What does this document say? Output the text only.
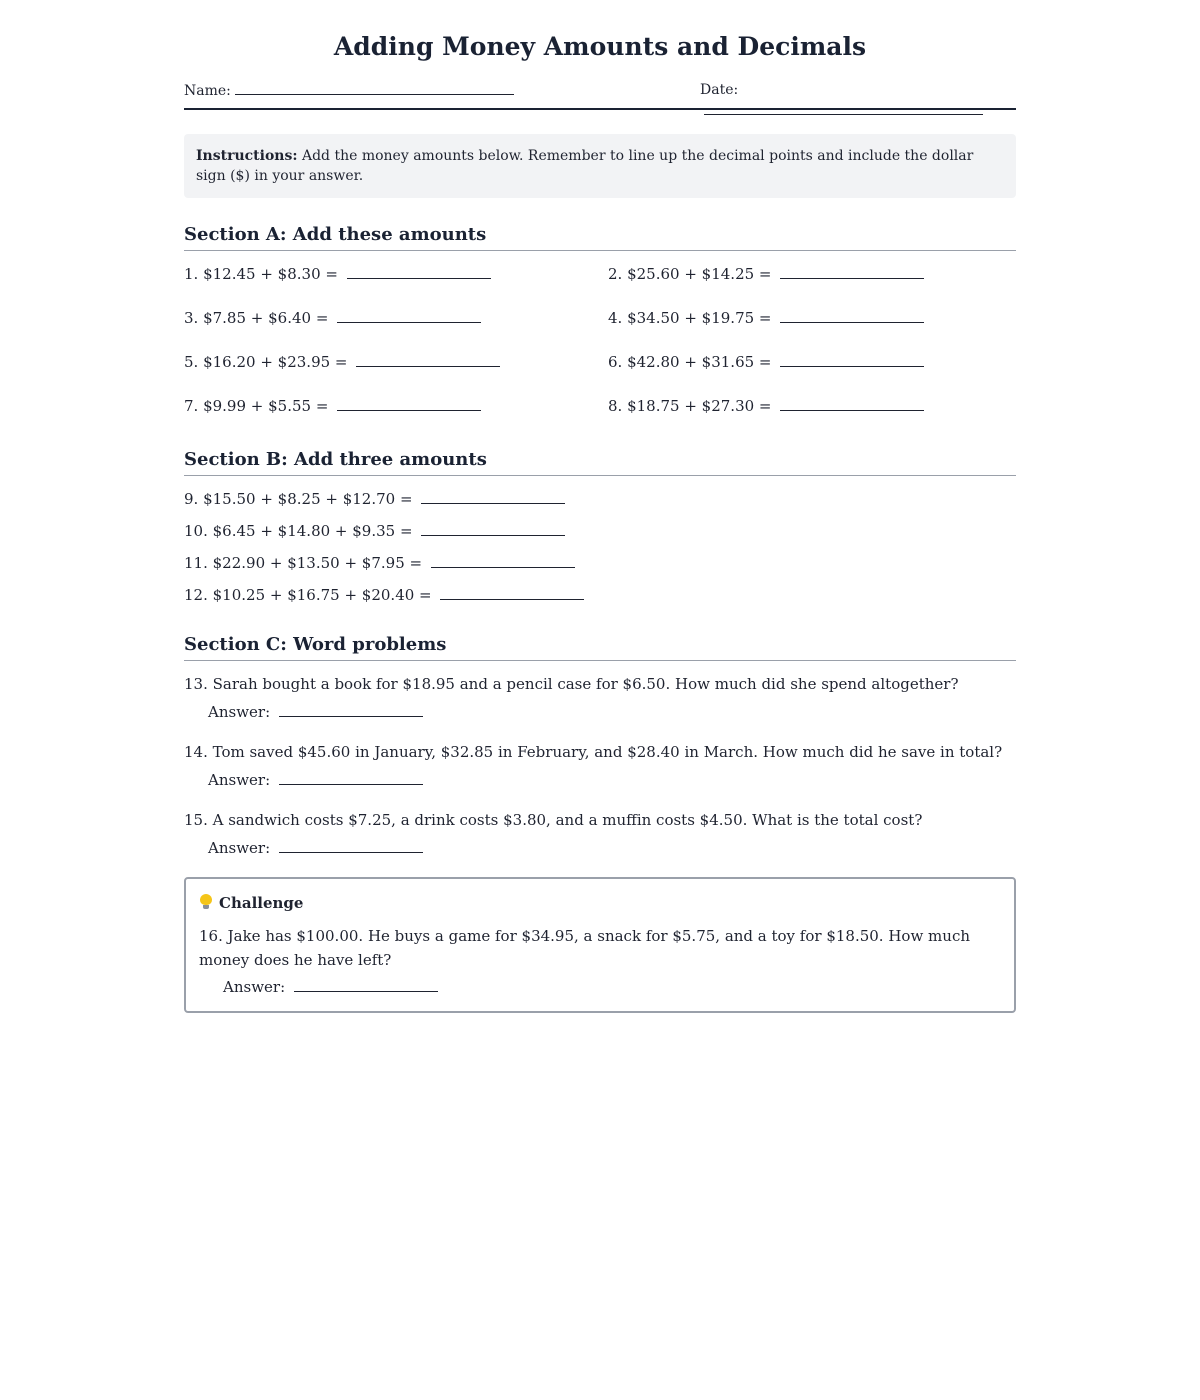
Adding Money Amounts and Decimals
Name:	Date:
Instructions: Add the money amounts below. Remember to line up the decimal points and include the dollar sign ($) in your answer.
Section A: Add these amounts
1. $12.45 + $8.30 =	2. $25.60 + $14.25 =
3. $7.85 + $6.40 =	4. $34.50 + $19.75 =
5. $16.20 + $23.95 =	6. $42.80 + $31.65 =
7. $9.99 + $5.55 =	8. $18.75 + $27.30 =
Section B: Add three amounts
9. $15.50 + $8.25 + $12.70 =
10. $6.45 + $14.80 + $9.35 =
11. $22.90 + $13.50 + $7.95 =
12. $10.25 + $16.75 + $20.40 =
Section C: Word problems
13. Sarah bought a book for $18.95 and a pencil case for $6.50. How much did she spend altogether?
Answer:
14. Tom saved $45.60 in January, $32.85 in February, and $28.40 in March. How much did he save in total?
Answer:
15. A sandwich costs $7.25, a drink costs $3.80, and a muffin costs $4.50. What is the total cost?
Answer:
Challenge
16. Jake has $100.00. He buys a game for $34.95, a snack for $5.75, and a toy for $18.50. How much money does he have left?
Answer:
